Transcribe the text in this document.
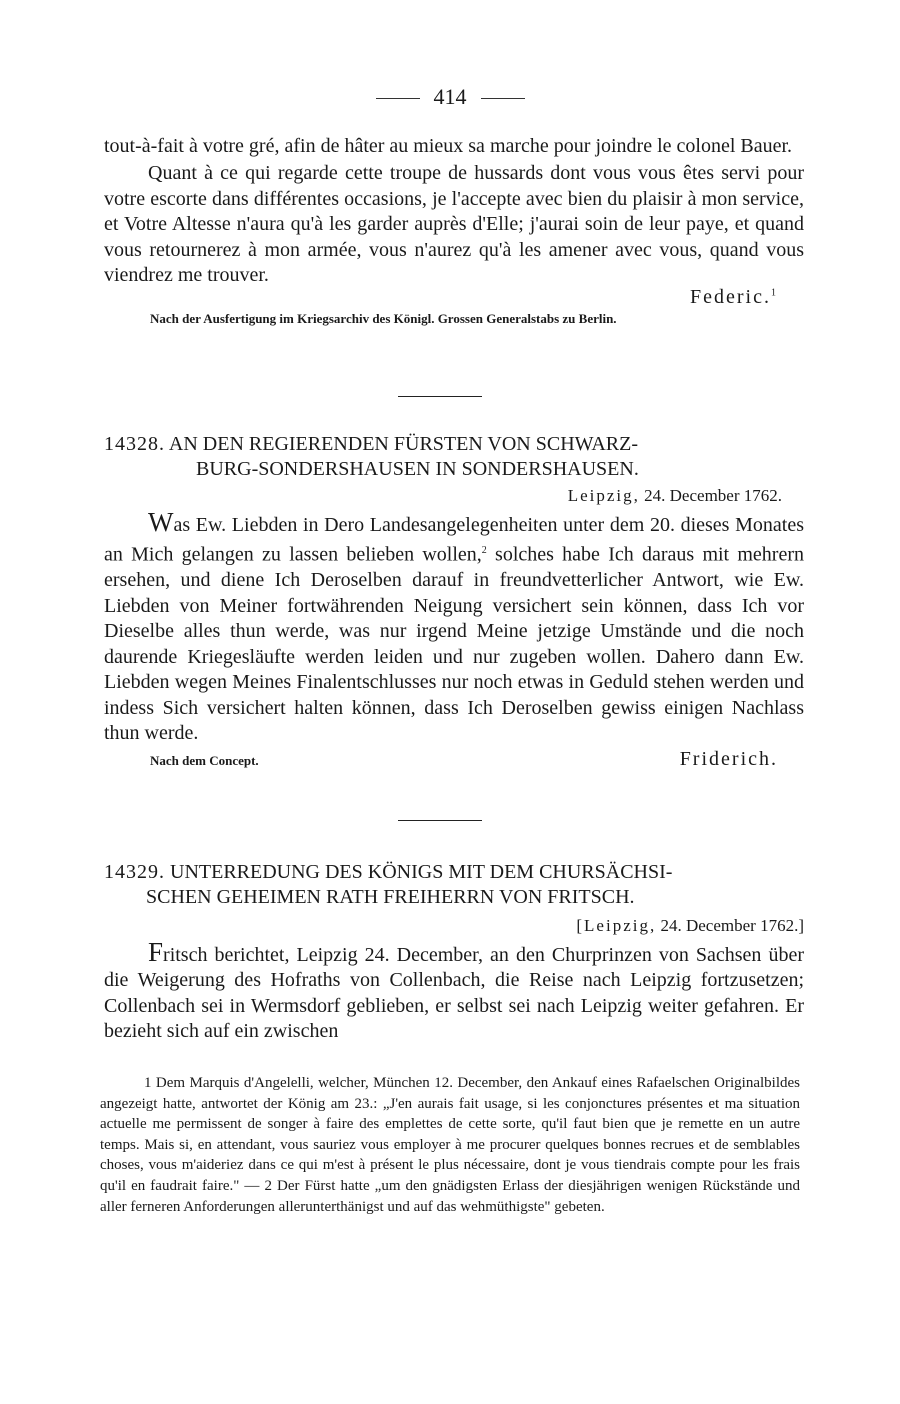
414

tout-à-fait à votre gré, afin de hâter au mieux sa marche pour joindre le colonel Bauer.

Quant à ce qui regarde cette troupe de hussards dont vous vous êtes servi pour votre escorte dans différentes occasions, je l'accepte avec bien du plaisir à mon service, et Votre Altesse n'aura qu'à les garder auprès d'Elle; j'aurai soin de leur paye, et quand vous retournerez à mon armée, vous n'aurez qu'à les amener avec vous, quand vous viendrez me trouver.

Federic.$^1$
Nach der Ausfertigung im Kriegsarchiv des Königl. Grossen Generalstabs zu Berlin.
14328. AN DEN REGIERENDEN FÜRSTEN VON SCHWARZ-
BURG-SONDERSHAUSEN IN SONDERSHAUSEN.
Leipzig, 24. December 1762.

Was Ew. Liebden in Dero Landesangelegenheiten unter dem 20. dieses Monates an Mich gelangen zu lassen belieben wollen,$^2$ solches habe Ich daraus mit mehrern ersehen, und diene Ich Deroselben darauf in freundvetterlicher Antwort, wie Ew. Liebden von Meiner fortwährenden Neigung versichert sein können, dass Ich vor Dieselbe alles thun werde, was nur irgend Meine jetzige Umstände und die noch daurende Kriegesläufte werden leiden und nur zugeben wollen. Dahero dann Ew. Liebden wegen Meines Finalentschlusses nur noch etwas in Geduld stehen werden und indess Sich versichert halten können, dass Ich Deroselben gewiss einigen Nachlass thun werde.

Nach dem Concept.	Friderich.
14329. UNTERREDUNG DES KÖNIGS MIT DEM CHURSÄCHSI-
SCHEN GEHEIMEN RATH FREIHERRN VON FRITSCH.
[Leipzig, 24. December 1762.]

Fritsch berichtet, Leipzig 24. December, an den Churprinzen von Sachsen über die Weigerung des Hofraths von Collenbach, die Reise nach Leipzig fortzusetzen; Collenbach sei in Wermsdorf geblieben, er selbst sei nach Leipzig weiter gefahren. Er bezieht sich auf ein zwischen

1 Dem Marquis d'Angelelli, welcher, München 12. December, den Ankauf eines Rafaelschen Originalbildes angezeigt hatte, antwortet der König am 23.: „J'en aurais fait usage, si les conjonctures présentes et ma situation actuelle me permissent de songer à faire des emplettes de cette sorte, qu'il faut bien que je remette en un autre temps. Mais si, en attendant, vous sauriez vous employer à me procurer quelques bonnes recrues et de semblables choses, vous m'aideriez dans ce qui m'est à présent le plus nécessaire, dont je vous tiendrais compte pour les frais qu'il en faudrait faire." — 2 Der Fürst hatte „um den gnädigsten Erlass der diesjährigen wenigen Rückstände und aller ferneren Anforderungen allerunterthänigst und auf das wehmüthigste" gebeten.
